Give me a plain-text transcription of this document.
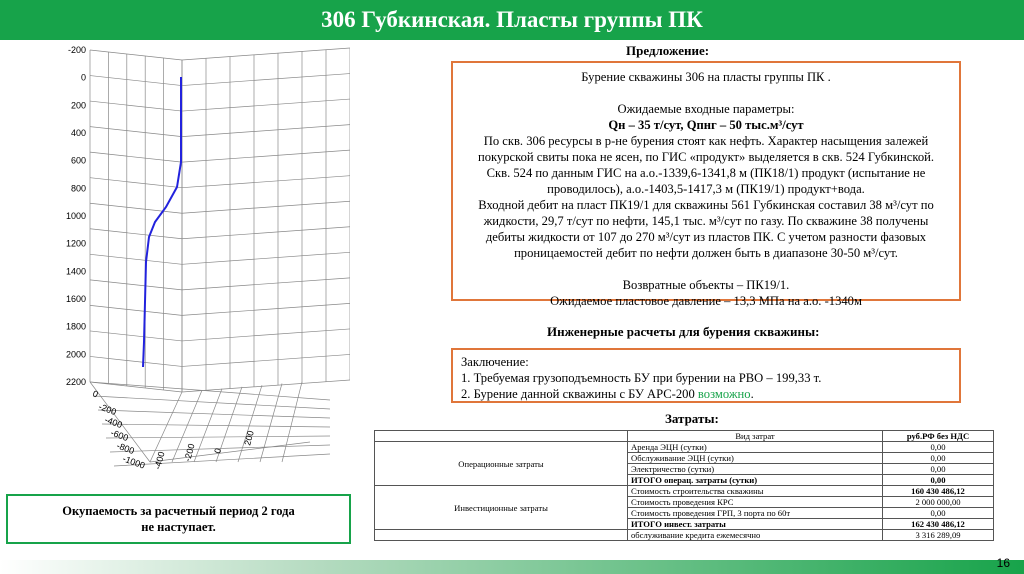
306 Губкинская. Пласты группы ПК
-200
0
200
400
600
800
1000
1200
1400
1600
1800
2000
2200
0
-200
-400
-600
-800
-1000 -400 -200 0
200
Предложение:
Бурение скважины 306 на пласты группы ПК .
Ожидаемые входные параметры:
Qн – 35 т/сут, Qпнг – 50 тыс.м³/сут
По скв. 306 ресурсы в р-не бурения стоят как нефть. Характер насыщения залежей
покурской свиты пока не ясен, по ГИС «продукт» выделяется в скв. 524 Губкинской.
Скв. 524 по данным ГИС на а.о.-1339,6-1341,8 м (ПК18/1) продукт (испытание не
проводилось), а.о.-1403,5-1417,3 м (ПК19/1) продукт+вода.
Входной дебит на пласт ПК19/1 для скважины 561 Губкинская составил 38 м³/сут по
жидкости, 29,7 т/сут по нефти, 145,1 тыс. м³/сут по газу. По скважине 38 получены
дебиты жидкости от 107 до 270 м³/сут из пластов ПК. С учетом разности фазовых
проницаемостей дебит по нефти должен быть в диапазоне 30-50 м³/сут.
Возвратные объекты – ПК19/1.
Ожидаемое пластовое давление – 13,3 МПа на а.о. -1340м
Инженерные расчеты для бурения скважины:
Заключение:
1. Требуемая грузоподъемность БУ при бурении на РВО – 199,33 т.
2. Бурение данной скважины с БУ АРС-200 возможно.
Затраты:
	Вид затрат	руб.РФ без НДС
Операционные затраты	Аренда ЭЦН (сутки)	0,00
	Обслуживание ЭЦН (сутки)	0,00
	Электричество (сутки)	0,00
	ИТОГО операц. затраты (сутки)	0,00
Инвестиционные затраты	Стоимость строительства скважины	160 430 486,12
	Стоимость проведения КРС	2 000 000,00
	Стоимость проведения ГРП, 3 порта по 60т	0,00
	ИТОГО инвест. затраты	162 430 486,12
	обслуживание кредита ежемесячно	3 316 289,09
Окупаемость за расчетный период 2 года
не наступает.
16
